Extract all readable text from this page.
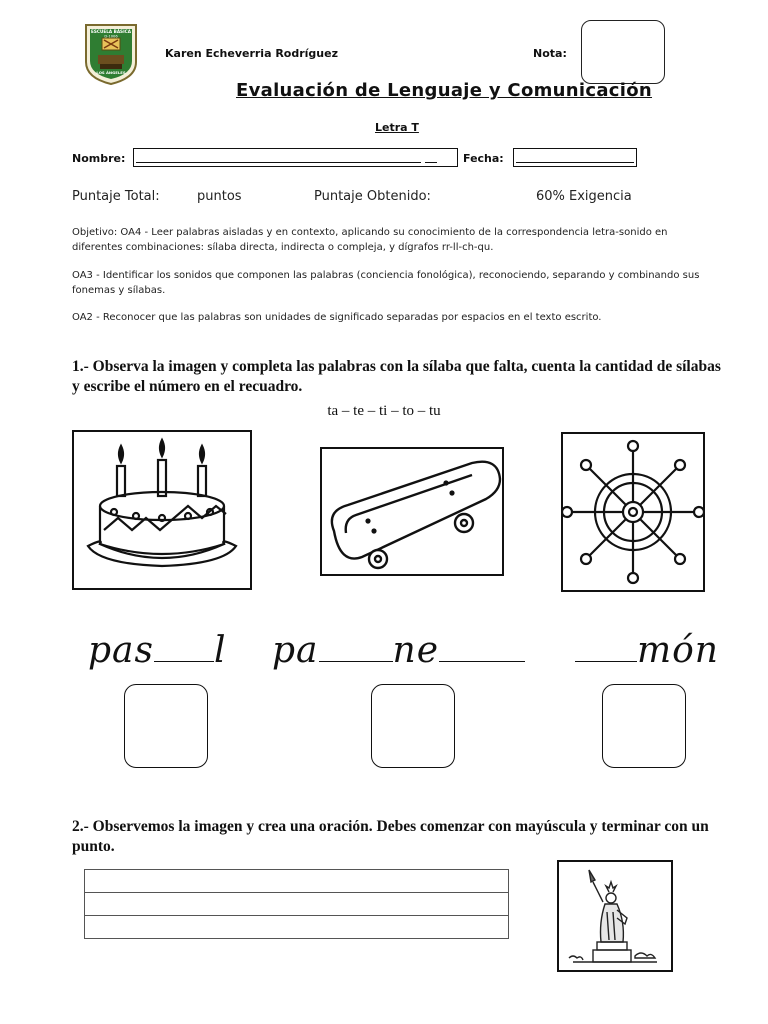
ESCUELA BÁSICA
D-1006
LOS ÁNGELES
Karen Echeverria Rodríguez	Nota:
Evaluación de Lenguaje y Comunicación
Letra T
Nombre:	Fecha:
Puntaje Total:	puntos	Puntaje Obtenido:	60% Exigencia
Objetivo: OA4 - Leer palabras aisladas y en contexto, aplicando su conocimiento de la correspondencia letra-sonido en diferentes combinaciones: sílaba directa, indirecta o compleja, y dígrafos rr-ll-ch-qu.
OA3 - Identificar los sonidos que componen las palabras (conciencia fonológica), reconociendo, separando y combinando sus fonemas y sílabas.
OA2 - Reconocer que las palabras son unidades de significado separadas por espacios en el texto escrito.
1.- Observa la imagen y completa las palabras con la sílaba que falta, cuenta la cantidad de sílabas y escribe el número en el recuadro.
ta – te – ti – to – tu
pas l pa ne	món
2.- Observemos la imagen y crea una oración. Debes comenzar con mayúscula y terminar con un punto.
